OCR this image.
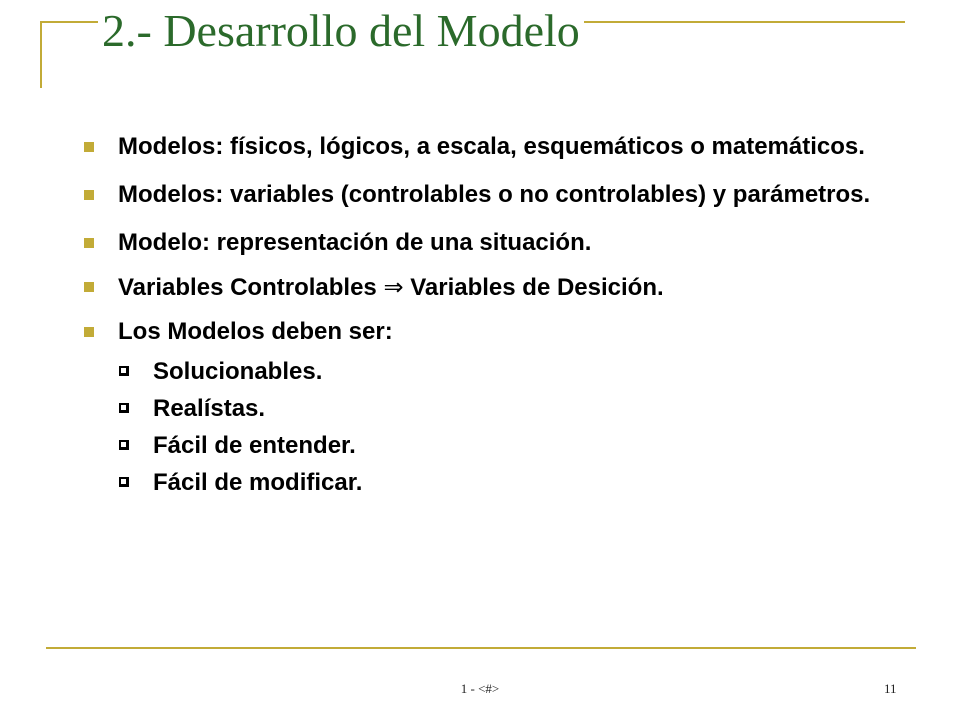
2.- Desarrollo del Modelo
Modelos: físicos, lógicos, a escala, esquemáticos o matemáticos.
Modelos: variables (controlables o no controlables) y parámetros.
Modelo: representación de una situación.
Variables Controlables ⇒ Variables de Desición.
Los Modelos deben ser:
Solucionables.
Realístas.
Fácil de entender.
Fácil de modificar.
1 - <#>	11
